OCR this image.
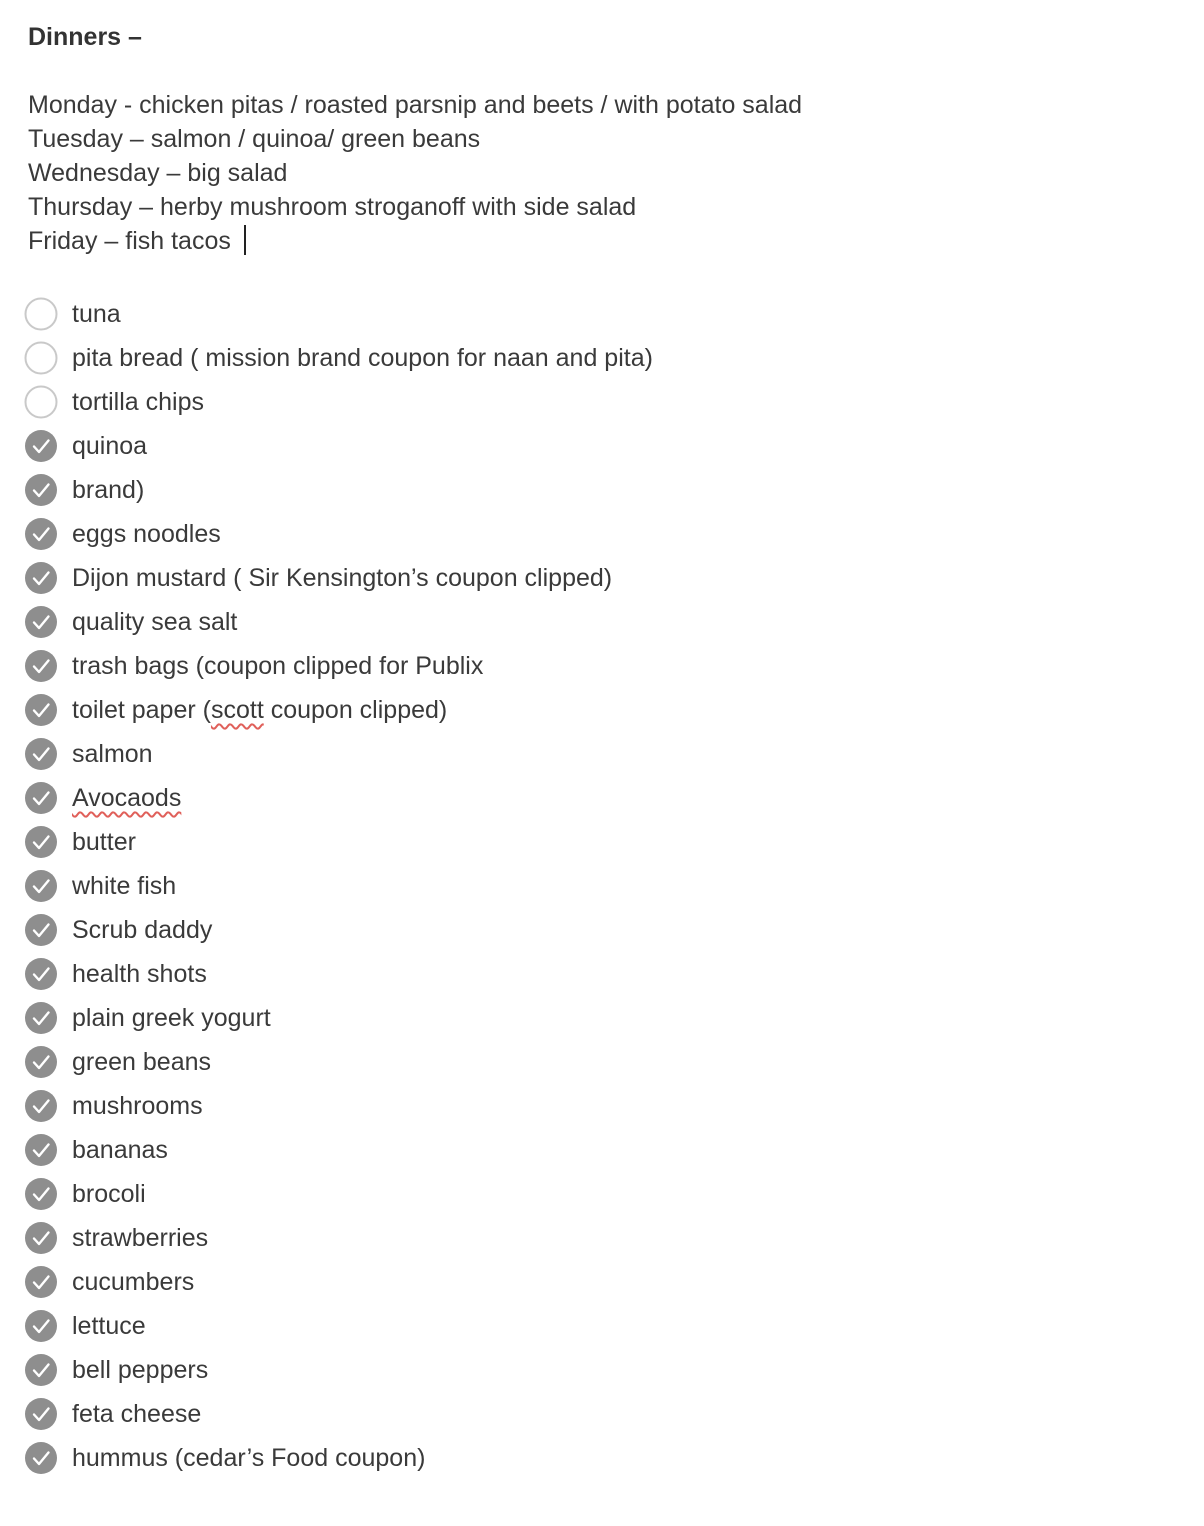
Dinners –
Monday - chicken pitas / roasted parsnip and beets / with potato salad
Tuesday – salmon / quinoa/ green beans
Wednesday – big salad
Thursday – herby mushroom stroganoff with side salad
Friday – fish tacos
tuna
pita bread ( mission brand coupon for naan and pita)
tortilla chips
quinoa
brand)
eggs noodles
Dijon mustard ( Sir Kensington’s coupon clipped)
quality sea salt
trash bags (coupon clipped for Publix
toilet paper (scott coupon clipped)
salmon
Avocaods
butter
white fish
Scrub daddy
health shots
plain greek yogurt
green beans
mushrooms
bananas
brocoli
strawberries
cucumbers
lettuce
bell peppers
feta cheese
hummus (cedar’s Food coupon)
